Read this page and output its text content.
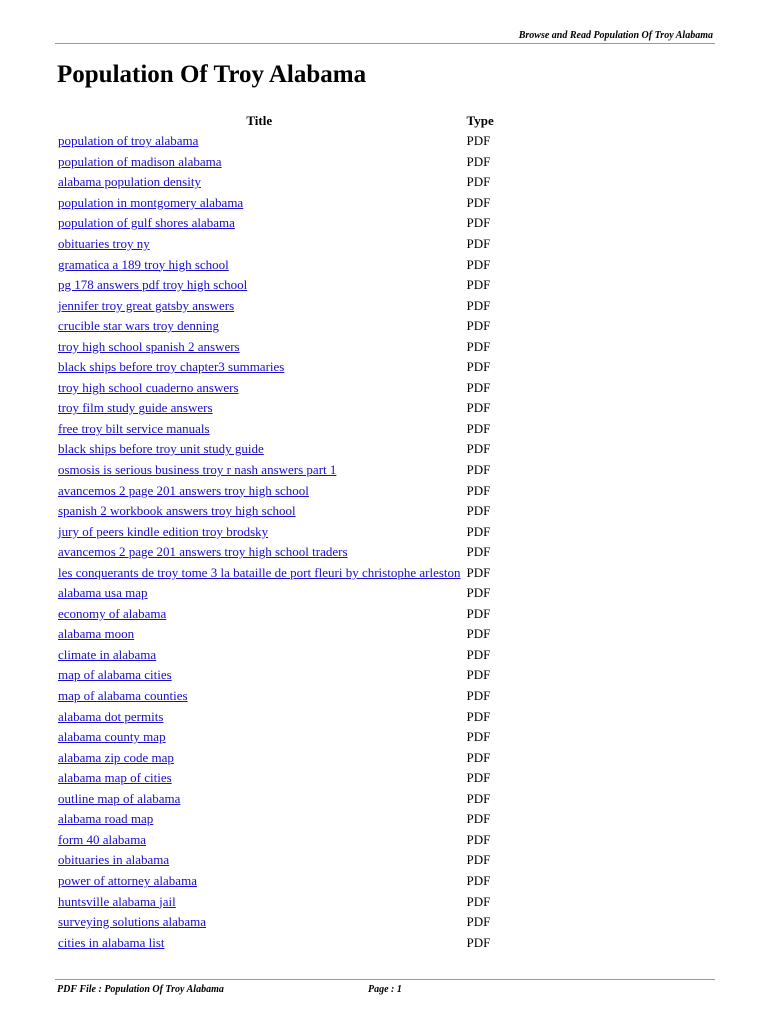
Browse and Read Population Of Troy Alabama
Population Of Troy Alabama
Title	Type
population of troy alabama	PDF
population of madison alabama	PDF
alabama population density	PDF
population in montgomery alabama	PDF
population of gulf shores alabama	PDF
obituaries troy ny	PDF
gramatica a 189 troy high school	PDF
pg 178 answers pdf troy high school	PDF
jennifer troy great gatsby answers	PDF
crucible star wars troy denning	PDF
troy high school spanish 2 answers	PDF
black ships before troy chapter3 summaries	PDF
troy high school cuaderno answers	PDF
troy film study guide answers	PDF
free troy bilt service manuals	PDF
black ships before troy unit study guide	PDF
osmosis is serious business troy r nash answers part 1	PDF
avancemos 2 page 201 answers troy high school	PDF
spanish 2 workbook answers troy high school	PDF
jury of peers kindle edition troy brodsky	PDF
avancemos 2 page 201 answers troy high school traders	PDF
les conquerants de troy tome 3 la bataille de port fleuri by christophe arleston	PDF
alabama usa map	PDF
economy of alabama	PDF
alabama moon	PDF
climate in alabama	PDF
map of alabama cities	PDF
map of alabama counties	PDF
alabama dot permits	PDF
alabama county map	PDF
alabama zip code map	PDF
alabama map of cities	PDF
outline map of alabama	PDF
alabama road map	PDF
form 40 alabama	PDF
obituaries in alabama	PDF
power of attorney alabama	PDF
huntsville alabama jail	PDF
surveying solutions alabama	PDF
cities in alabama list	PDF
PDF File : Population Of Troy Alabama	Page : 1
